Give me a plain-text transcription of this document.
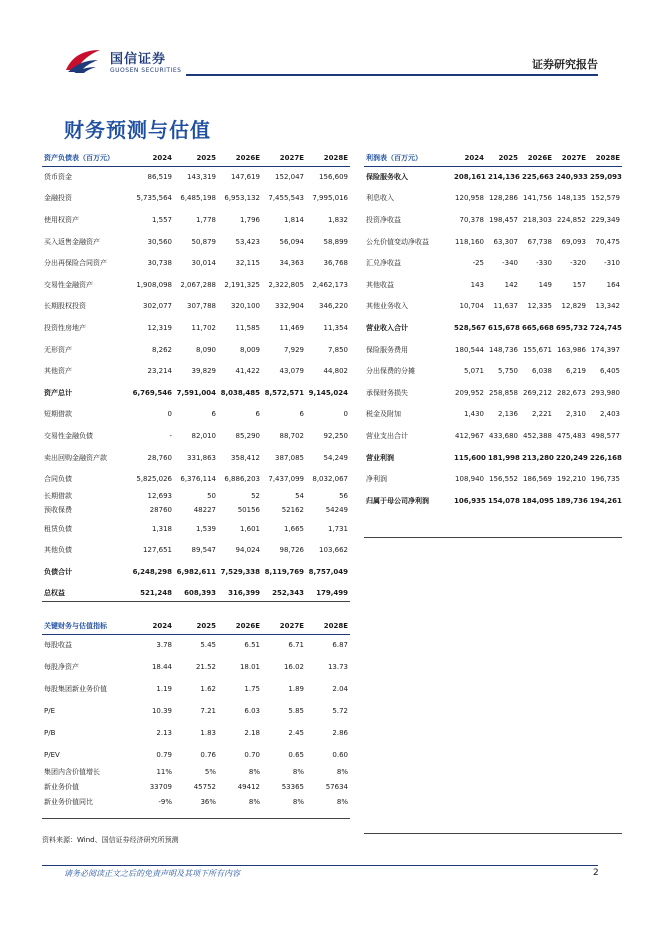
国信证券
GUOSEN SECURITIES	证券研究报告
财务预测与估值
资产负债表（百万元）	2024	2025	2026E	2027E	2028E
货币资金	86,519	143,319	147,619	152,047	156,609
金融投资	5,735,564	6,485,198	6,953,132	7,455,543	7,995,016
使用权资产	1,557	1,778	1,796	1,814	1,832
买入返售金融资产	30,560	50,879	53,423	56,094	58,899
分出再保险合同资产	30,738	30,014	32,115	34,363	36,768
交易性金融资产	1,908,098	2,067,288	2,191,325	2,322,805	2,462,173
长期股权投资	302,077	307,788	320,100	332,904	346,220
投资性房地产	12,319	11,702	11,585	11,469	11,354
无形资产	8,262	8,090	8,009	7,929	7,850
其他资产	23,214	39,829	41,422	43,079	44,802
资产总计	6,769,546	7,591,004	8,038,485	8,572,571	9,145,024
短期借款	0	6	6	6	0
交易性金融负债	-	82,010	85,290	88,702	92,250
卖出回购金融资产款	28,760	331,863	358,412	387,085	54,249
合同负债	5,825,026	6,376,114	6,886,203	7,437,099	8,032,067
长期借款	12,693	50	52	54	56
预收保费	28760	48227	50156	52162	54249
租赁负债	1,318	1,539	1,601	1,665	1,731
其他负债	127,651	89,547	94,024	98,726	103,662
负债合计	6,248,298	6,982,611	7,529,338	8,119,769	8,757,049
总权益	521,248	608,393	316,399	252,343	179,499
利润表（百万元）	2024	2025	2026E	2027E	2028E
保险服务收入	208,161	214,136	225,663	240,933	259,093
利息收入	120,958	128,286	141,756	148,135	152,579
投资净收益	70,378	198,457	218,303	224,852	229,349
公允价值变动净收益	118,160	63,307	67,738	69,093	70,475
汇兑净收益	-25	-340	-330	-320	-310
其他收益	143	142	149	157	164
其他业务收入	10,704	11,637	12,335	12,829	13,342
营业收入合计	528,567	615,678	665,668	695,732	724,745
保险服务费用	180,544	148,736	155,671	163,986	174,397
分出保费的分摊	5,071	5,750	6,038	6,219	6,405
承保财务损失	209,952	258,858	269,212	282,673	293,980
税金及附加	1,430	2,136	2,221	2,310	2,403
营业支出合计	412,967	433,680	452,388	475,483	498,577
营业利润	115,600	181,998	213,280	220,249	226,168
净利润	108,940	156,552	186,569	192,210	196,735
归属于母公司净利润	106,935	154,078	184,095	189,736	194,261
关键财务与估值指标	2024	2025	2026E	2027E	2028E
每股收益	3.78	5.45	6.51	6.71	6.87
每股净资产	18.44	21.52	18.01	16.02	13.73
每股集团新业务价值	1.19	1.62	1.75	1.89	2.04
P/E	10.39	7.21	6.03	5.85	5.72
P/B	2.13	1.83	2.18	2.45	2.86
P/EV	0.79	0.76	0.70	0.65	0.60
集团内含价值增长	11%	5%	8%	8%	8%
新业务价值	33709	45752	49412	53365	57634
新业务价值同比	-9%	36%	8%	8%	8%
资料来源：Wind、国信证券经济研究所预测
请务必阅读正文之后的免责声明及其项下所有内容	2
